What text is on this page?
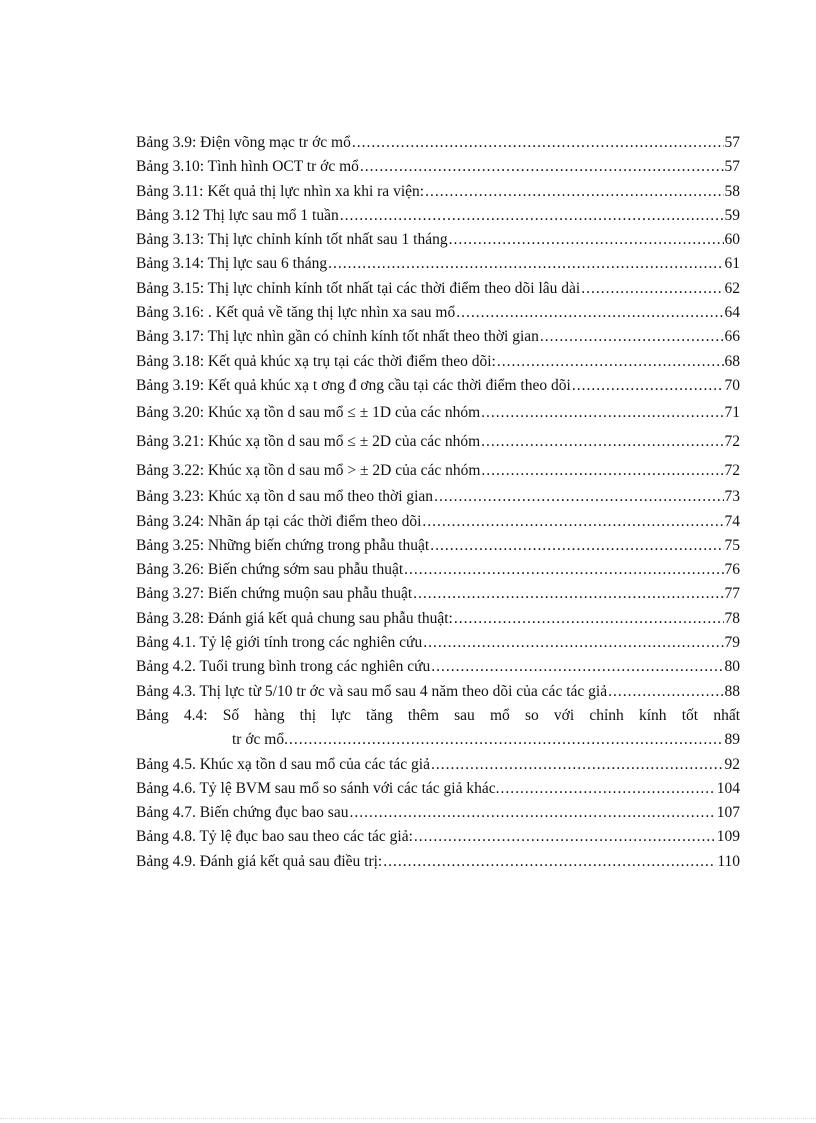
Bảng 3.9: Điện võng mạc tr ớc mổ .....	57
Bảng 3.10: Tình hình OCT tr ớc mổ .....	57
Bảng 3.11: Kết quả thị lực nhìn xa khi ra viện: .....	58
Bảng 3.12 Thị lực sau mổ 1 tuần .....	59
Bảng 3.13: Thị lực chỉnh kính tốt nhất sau 1 tháng .....	60
Bảng 3.14: Thị lực sau 6 tháng .....	61
Bảng 3.15: Thị lực chỉnh kính tốt nhất tại các thời điểm theo dõi lâu dài .....	62
Bảng 3.16: . Kết quả về tăng thị lực nhìn xa sau mổ .....	64
Bảng 3.17: Thị lực nhìn gần có chỉnh kính tốt nhất theo thời gian .....	66
Bảng 3.18: Kết quả khúc xạ trụ tại các thời điểm theo dõi: .....	68
Bảng 3.19: Kết quả khúc xạ t ơng đ ơng cầu tại các thời điểm theo dõi .....	70
Bảng 3.20: Khúc xạ tồn d sau mổ ≤ ± 1D của các nhóm .....	71
Bảng 3.21: Khúc xạ tồn d sau mổ ≤ ± 2D của các nhóm .....	72
Bảng 3.22: Khúc xạ tồn d sau mổ > ± 2D của các nhóm .....	72
Bảng 3.23: Khúc xạ tồn d sau mổ theo thời gian .....	73
Bảng 3.24: Nhãn áp tại các thời điểm theo dõi .....	74
Bảng 3.25: Những biến chứng trong phẫu thuật .....	75
Bảng 3.26: Biến chứng sớm sau phẫu thuật .....	76
Bảng 3.27: Biến chứng muộn sau phẫu thuật .....	77
Bảng 3.28: Đánh giá kết quả chung sau phẫu thuật: .....	78
Bảng 4.1. Tỷ lệ giới tính trong các nghiên cứu .....	79
Bảng 4.2. Tuổi trung bình trong các nghiên cứu .....	80
Bảng 4.3. Thị lực từ 5/10 tr ớc và sau mổ sau 4 năm theo dõi của các tác giả .....	88
Bảng 4.4: Số hàng thị lực tăng thêm sau mổ so với chỉnh kính tốt nhất
tr ớc mổ. .....	89
Bảng 4.5. Khúc xạ tồn d sau mổ của các tác giả .....	92
Bảng 4.6. Tỷ lệ BVM sau mổ so sánh với các tác giả khác. .....	104
Bảng 4.7. Biến chứng đục bao sau .....	107
Bảng 4.8. Tỷ lệ đục bao sau theo các tác giả: .....	109
Bảng 4.9. Đánh giá kết quả sau điều trị: .....	110
